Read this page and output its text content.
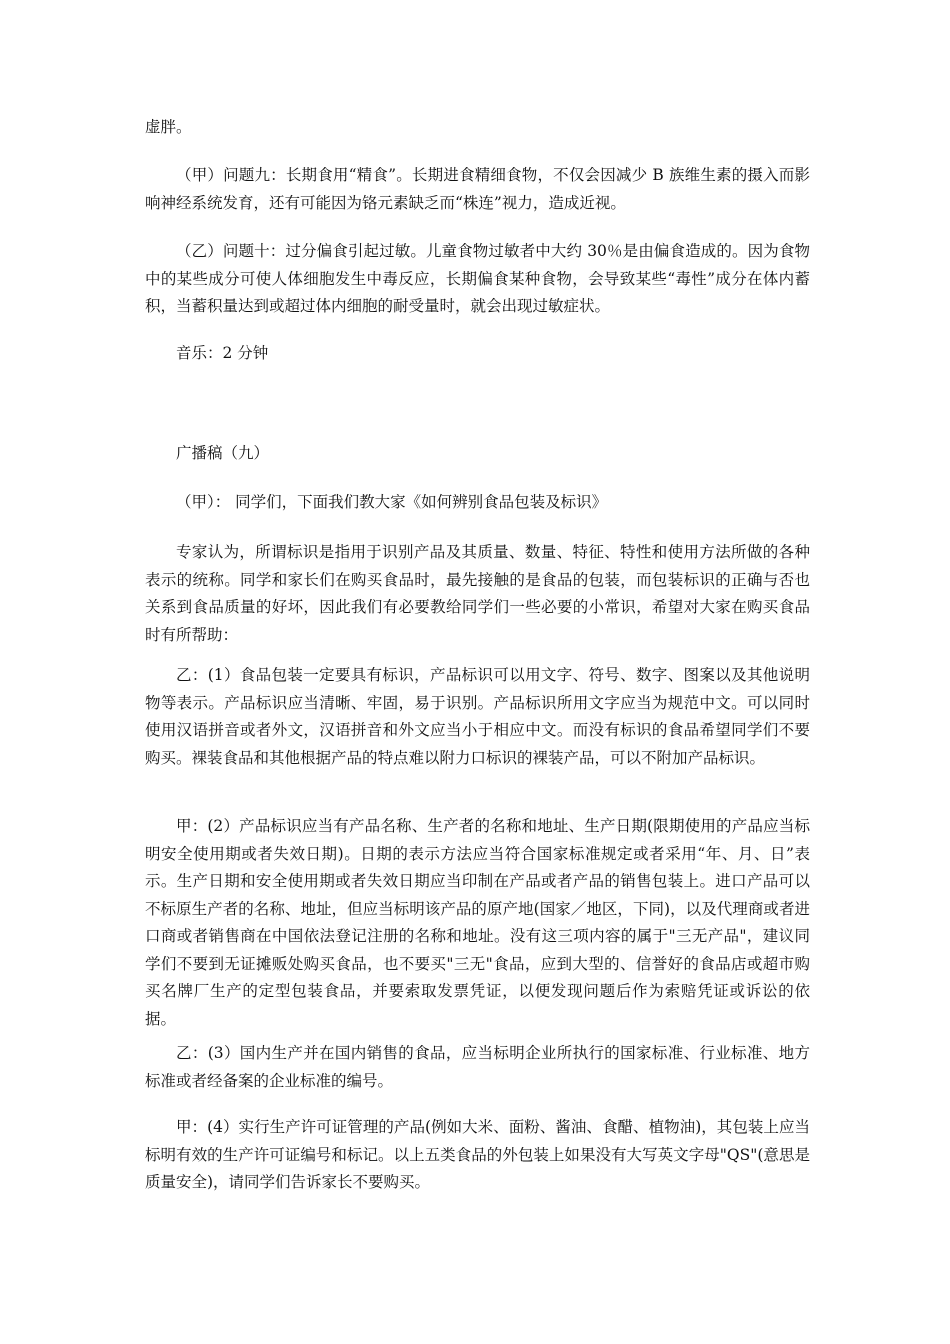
虚胖。

（甲）问题九：长期食用“精食”。长期进食精细食物，不仅会因减少 B 族维生素的摄入而影响神经系统发育，还有可能因为铬元素缺乏而“株连”视力，造成近视。

（乙）问题十：过分偏食引起过敏。儿童食物过敏者中大约 30％是由偏食造成的。因为食物中的某些成分可使人体细胞发生中毒反应，长期偏食某种食物，会导致某些“毒性”成分在体内蓄积，当蓄积量达到或超过体内细胞的耐受量时，就会出现过敏症状。

音乐：2 分钟

广播稿（九）

（甲）： 同学们，下面我们教大家《如何辨别食品包装及标识》

专家认为，所谓标识是指用于识别产品及其质量、数量、特征、特性和使用方法所做的各种表示的统称。同学和家长们在购买食品时，最先接触的是食品的包装，而包装标识的正确与否也关系到食品质量的好坏，因此我们有必要教给同学们一些必要的小常识，希望对大家在购买食品时有所帮助：

乙：(1）食品包装一定要具有标识，产品标识可以用文字、符号、数字、图案以及其他说明物等表示。产品标识应当清晰、牢固，易于识别。产品标识所用文字应当为规范中文。可以同时使用汉语拼音或者外文，汉语拼音和外文应当小于相应中文。而没有标识的食品希望同学们不要购买。裸装食品和其他根据产品的特点难以附力口标识的裸装产品，可以不附加产品标识。

甲：(2）产品标识应当有产品名称、生产者的名称和地址、生产日期(限期使用的产品应当标明安全使用期或者失效日期)。日期的表示方法应当符合国家标准规定或者采用“年、月、日”表示。生产日期和安全使用期或者失效日期应当印制在产品或者产品的销售包装上。进口产品可以不标原生产者的名称、地址，但应当标明该产品的原产地(国家／地区，下同)，以及代理商或者进口商或者销售商在中国依法登记注册的名称和地址。没有这三项内容的属于"三无产品"，建议同学们不要到无证摊贩处购买食品，也不要买"三无"食品，应到大型的、信誉好的食品店或超市购买名牌厂生产的定型包装食品，并要索取发票凭证，以便发现问题后作为索赔凭证或诉讼的依据。

乙：(3）国内生产并在国内销售的食品，应当标明企业所执行的国家标准、行业标准、地方标准或者经备案的企业标准的编号。

甲：(4）实行生产许可证管理的产品(例如大米、面粉、酱油、食醋、植物油)，其包装上应当标明有效的生产许可证编号和标记。以上五类食品的外包装上如果没有大写英文字母"QS"(意思是质量安全)，请同学们告诉家长不要购买。
